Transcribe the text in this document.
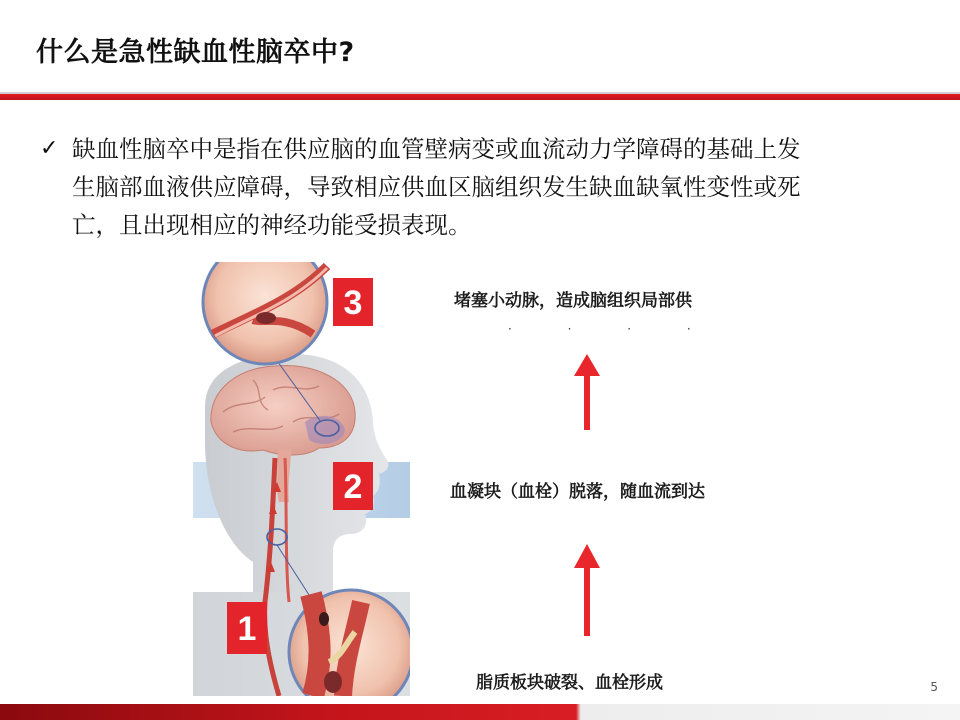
什么是急性缺血性脑卒中?
✓ 缺血性脑卒中是指在供应脑的血管壁病变或血流动力学障碍的基础上发
生脑部血液供应障碍，导致相应供血区脑组织发生缺血缺氧性变性或死
亡，且出现相应的神经功能受损表现。
3
2
1
堵塞小动脉，造成脑组织局部供
· · · ·
血凝块（血栓）脱落，随血流到达
脂质板块破裂、血栓形成	5
